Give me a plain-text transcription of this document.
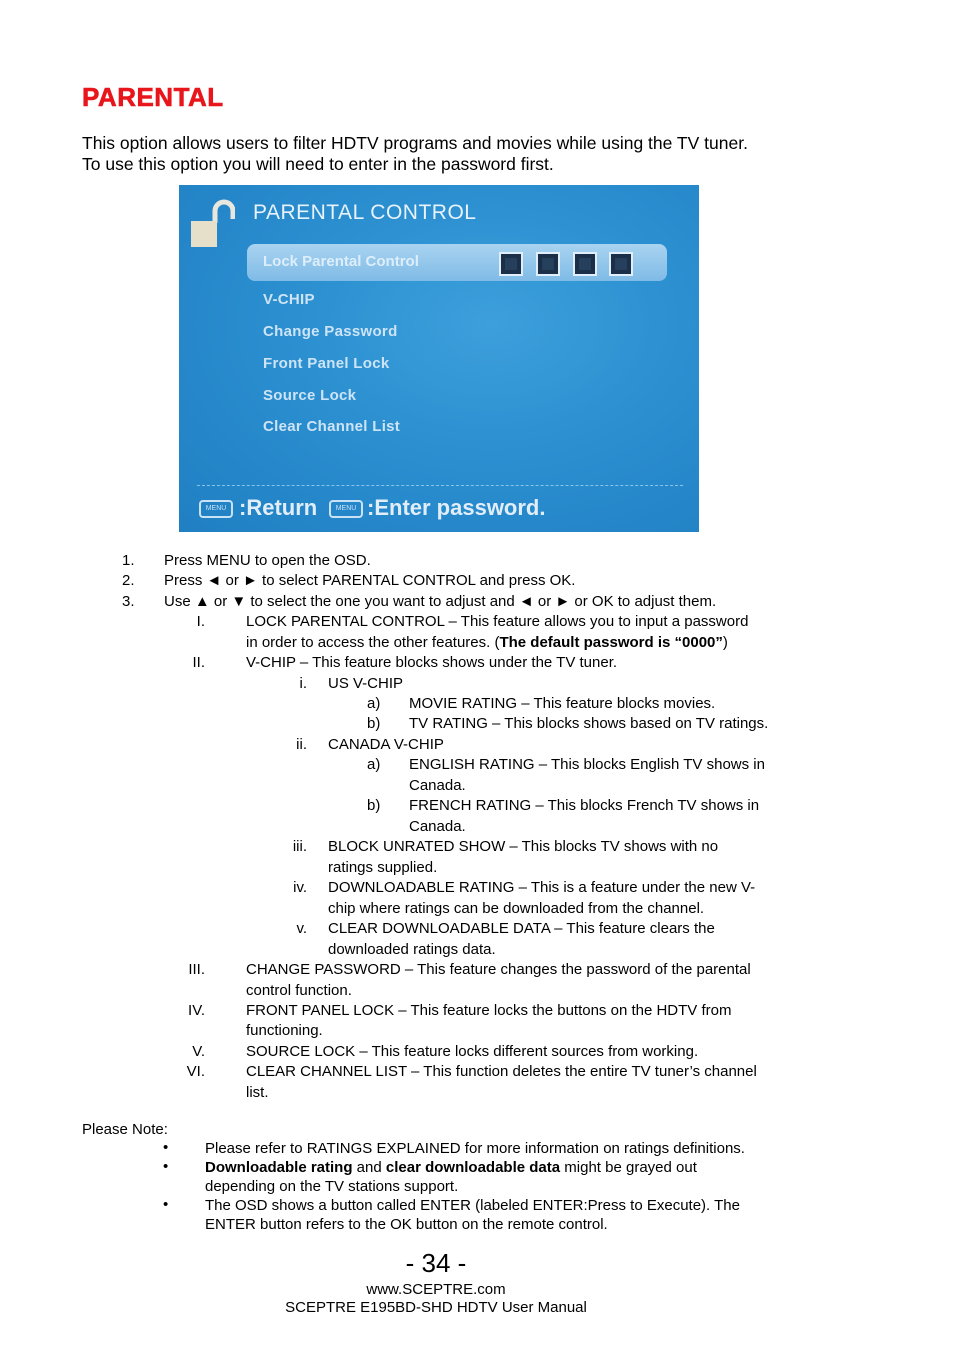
PARENTAL
This option allows users to filter HDTV programs and movies while using the TV tuner.
To use this option you will need to enter in the password first.
PARENTAL CONTROL
Lock Parental Control
V-CHIP
Change Password
Front Panel Lock
Source Lock
Clear Channel List
MENU :Return	MENU :Enter password.
1. Press MENU to open the OSD.
2. Press ◄ or ► to select PARENTAL CONTROL and press OK.
3. Use ▲ or ▼ to select the one you want to adjust and ◄ or ► or OK to adjust them.
I.	LOCK PARENTAL CONTROL – This feature allows you to input a password
in order to access the other features. (The default password is “0000”)
II.	V-CHIP – This feature blocks shows under the TV tuner.
i. US V-CHIP
a) MOVIE RATING – This feature blocks movies.
b) TV RATING – This blocks shows based on TV ratings.
ii. CANADA V-CHIP
a) ENGLISH RATING – This blocks English TV shows in
Canada.
b) FRENCH RATING – This blocks French TV shows in
Canada.
iii. BLOCK UNRATED SHOW – This blocks TV shows with no
ratings supplied.
iv. DOWNLOADABLE RATING – This is a feature under the new V-
chip where ratings can be downloaded from the channel.
v. CLEAR DOWNLOADABLE DATA – This feature clears the
downloaded ratings data.
III.	CHANGE PASSWORD – This feature changes the password of the parental
control function.
IV.	FRONT PANEL LOCK – This feature locks the buttons on the HDTV from
functioning.
V.	SOURCE LOCK – This feature locks different sources from working.
VI.	CLEAR CHANNEL LIST – This function deletes the entire TV tuner’s channel
list.
Please Note:
• Please refer to RATINGS EXPLAINED for more information on ratings definitions.
• Downloadable rating and clear downloadable data might be grayed out
depending on the TV stations support.
• The OSD shows a button called ENTER (labeled ENTER:Press to Execute). The
ENTER button refers to the OK button on the remote control.
- 34 -
www.SCEPTRE.com
SCEPTRE E195BD-SHD HDTV User Manual
